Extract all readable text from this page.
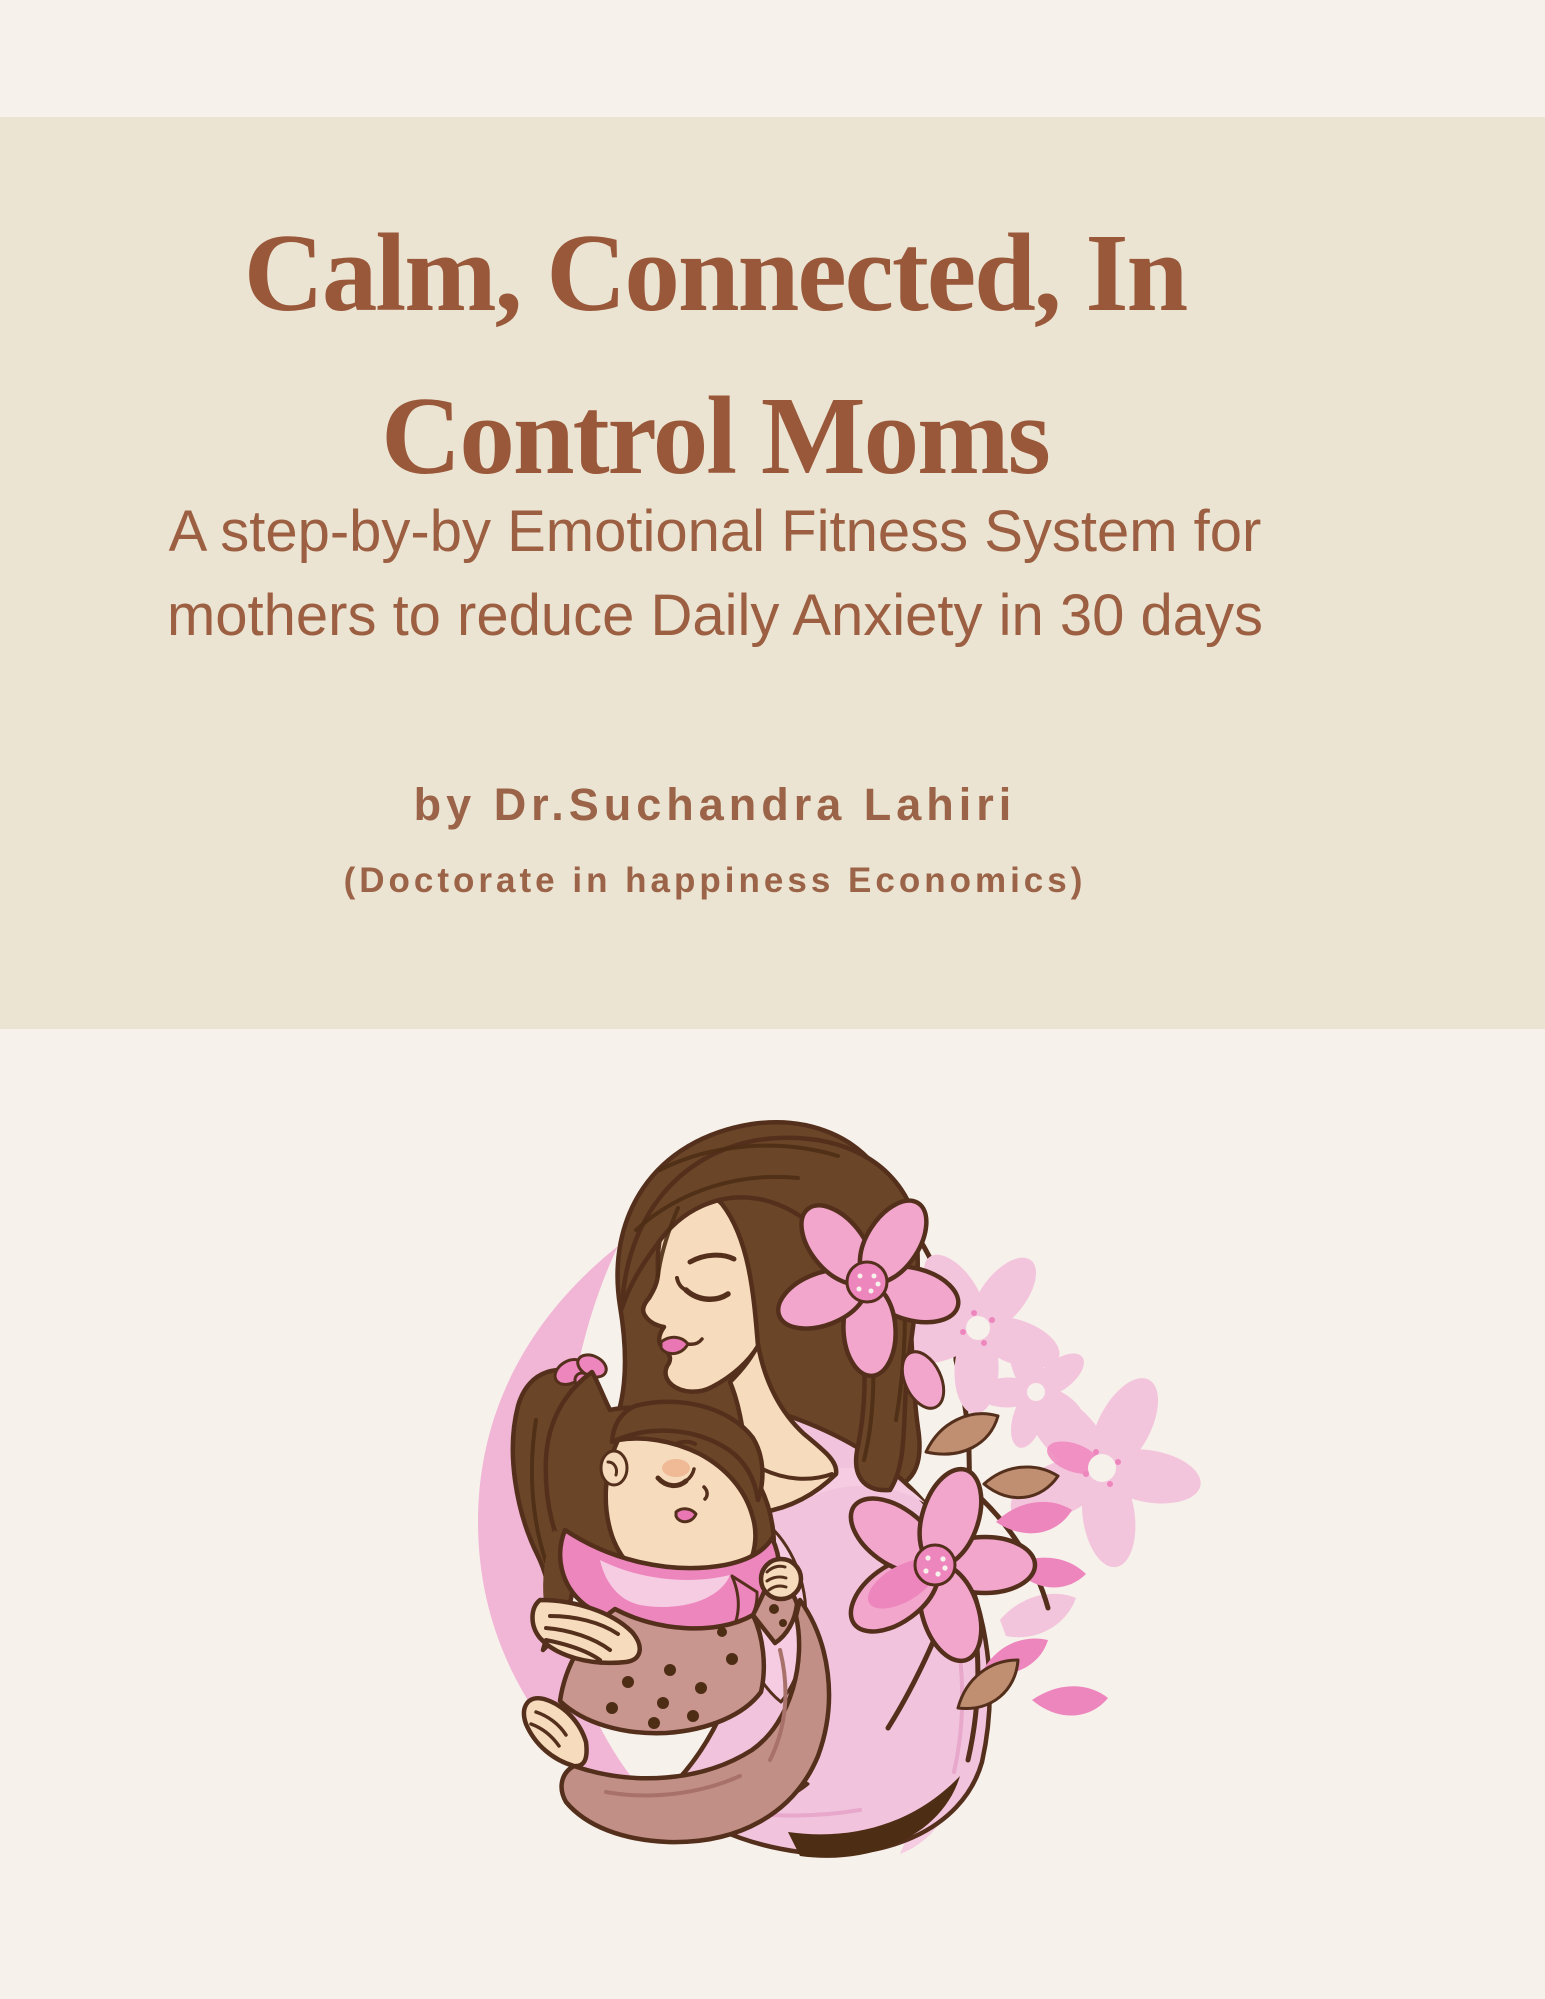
Calm, Connected, In
Control Moms
A step-by-by Emotional Fitness System for
mothers to reduce Daily Anxiety in 30 days
by Dr.Suchandra Lahiri
(Doctorate in happiness Economics)
